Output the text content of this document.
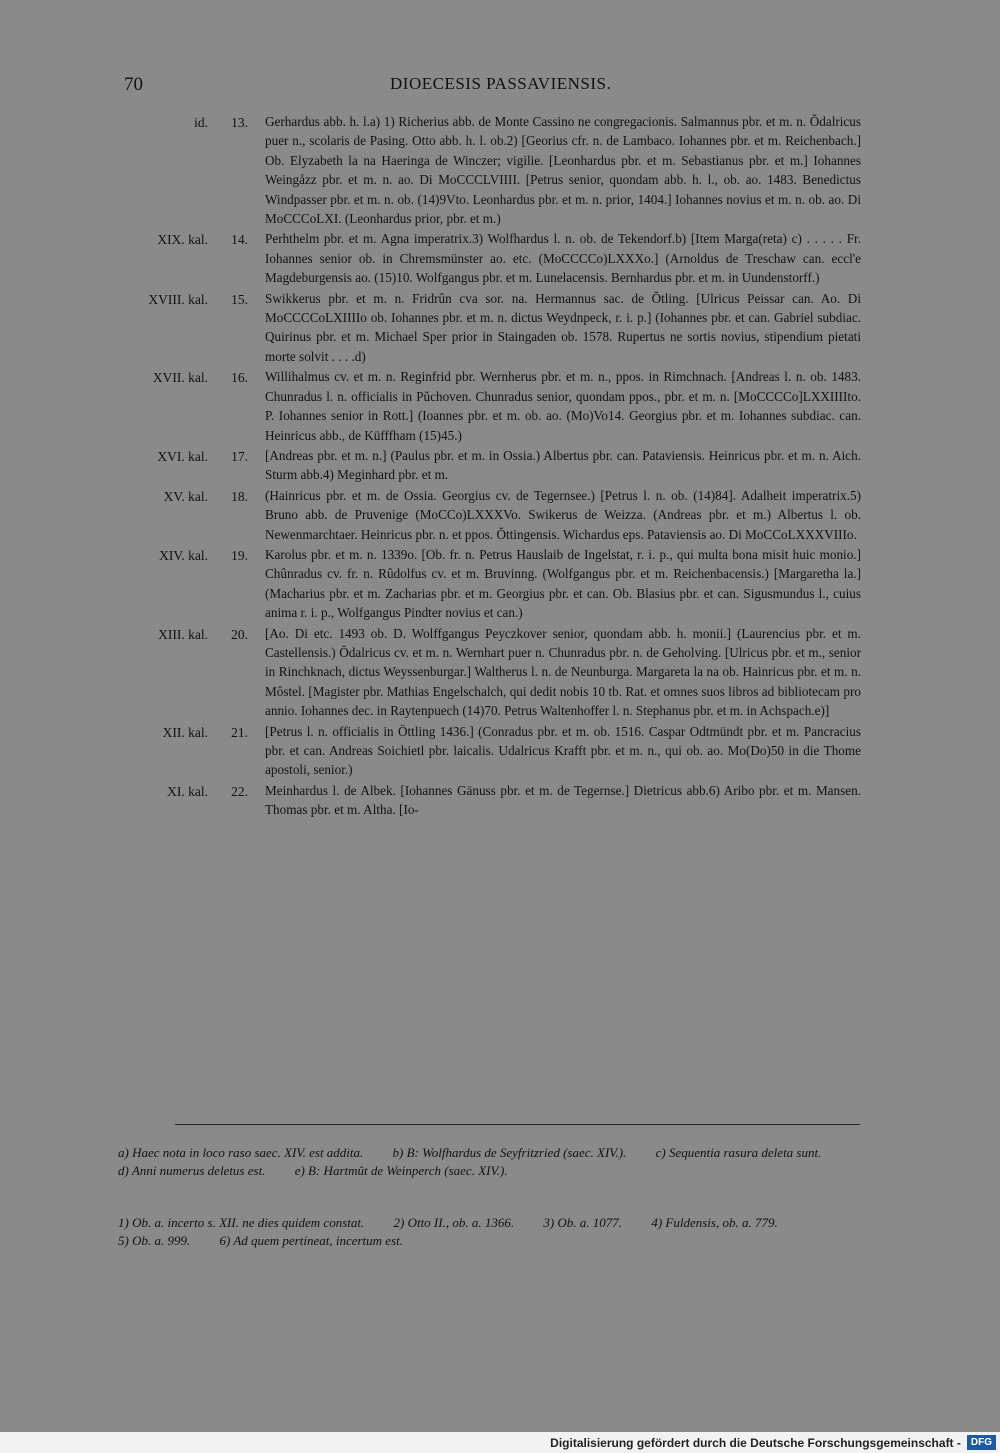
70	DIOECESIS PASSAVIENSIS.
id.	13. Gerhardus abb. h. l.a) 1) Richerius abb. de Monte Cassino ne congregacionis. Salmannus pbr. et m. n. Ŏdalricus puer n., scolaris de Pasing. Otto abb. h. l. ob.2) [Georius cfr. n. de Lambaco. Iohannes pbr. et m. Reichenbach.] Ob. Elyzabeth la na Haeringa de Winczer; vigilie. [Leonhardus pbr. et m. Sebastianus pbr. et m.] Iohannes Weingåzz pbr. et m. n. ao. Di MoCCCLVIIII. [Petrus senior, quondam abb. h. l., ob. ao. 1483. Benedictus Windpasser pbr. et m. n. ob. (14)9Vto. Leonhardus pbr. et m. n. prior, 1404.] Iohannes novius et m. n. ob. ao. Di MoCCCoLXI. (Leonhardus prior, pbr. et m.)
XIX. kal.	14. Perhthelm pbr. et m. Agna imperatrix.3) Wolfhardus l. n. ob. de Tekendorf.b) [Item Marga(reta) c) . . . . . Fr. Iohannes senior ob. in Chremsmünster ao. etc. (MoCCCCo)LXXXo.] (Arnoldus de Treschaw can. eccl'e Magdeburgensis ao. (15)10. Wolfgangus pbr. et m. Lunelacensis. Bernhardus pbr. et m. in Uundenstorff.)
XVIII. kal.	15. Swikkerus pbr. et m. n. Fridrûn cva sor. na. Hermannus sac. de Ŏtling. [Ulricus Peissar can. Ao. Di MoCCCCoLXIIIIo ob. Iohannes pbr. et m. n. dictus Weydnpeck, r. i. p.] (Iohannes pbr. et can. Gabriel subdiac. Quirinus pbr. et m. Michael Sper prior in Staingaden ob. 1578. Rupertus ne sortis novius, stipendium pietati morte solvit . . . .d)
XVII. kal.	16. Willihalmus cv. et m. n. Reginfrid pbr. Wernherus pbr. et m. n., ppos. in Rimchnach. [Andreas l. n. ob. 1483. Chunradus l. n. officialis in Pǔchoven. Chunradus senior, quondam ppos., pbr. et m. n. [MoCCCCo]LXXIIIIto. P. Iohannes senior in Rott.] (Ioannes pbr. et m. ob. ao. (Mo)Vo14. Georgius pbr. et m. Iohannes subdiac. can. Heinricus abb., de Küfffham (15)45.)
XVI. kal.	17. [Andreas pbr. et m. n.] (Paulus pbr. et m. in Ossia.) Albertus pbr. can. Pataviensis. Heinricus pbr. et m. n. Aich. Sturm abb.4) Meginhard pbr. et m.
XV. kal.	18. (Hainricus pbr. et m. de Ossia. Georgius cv. de Tegernsee.) [Petrus l. n. ob. (14)84]. Adalheit imperatrix.5) Bruno abb. de Pruvenige (MoCCo)LXXXVo. Swikerus de Weizza. (Andreas pbr. et m.) Albertus l. ob. Newenmarchtaer. Heinricus pbr. n. et ppos. Ŏttingensis. Wichardus eps. Pataviensis ao. Di MoCCoLXXXVIIIo.
XIV. kal.	19. Karolus pbr. et m. n. 1339o. [Ob. fr. n. Petrus Hauslaib de Ingelstat, r. i. p., qui multa bona misit huic monio.] Chûnradus cv. fr. n. Rûdolfus cv. et m. Bruvinng. (Wolfgangus pbr. et m. Reichenbacensis.) [Margaretha la.] (Macharius pbr. et m. Zacharias pbr. et m. Georgius pbr. et can. Ob. Blasius pbr. et can. Sigusmundus l., cuius anima r. i. p., Wolfgangus Pindter novius et can.)
XIII. kal.	20. [Ao. Di etc. 1493 ob. D. Wolffgangus Peyczkover senior, quondam abb. h. monii.] (Laurencius pbr. et m. Castellensis.) Ŏdalricus cv. et m. n. Wernhart puer n. Chunradus pbr. n. de Geholving. [Ulricus pbr. et m., senior in Rinchknach, dictus Weyssenburgar.] Waltherus l. n. de Neunburga. Margareta la na ob. Hainricus pbr. et m. n. Môstel. [Magister pbr. Mathias Engelschalch, qui dedit nobis 10 tb. Rat. et omnes suos libros ad bibliotecam pro annio. Iohannes dec. in Raytenpuech (14)70. Petrus Waltenhoffer l. n. Stephanus pbr. et m. in Achspach.e)]
XII. kal.	21. [Petrus l. n. officialis in Öttling 1436.] (Conradus pbr. et m. ob. 1516. Caspar Odtmündt pbr. et m. Pancracius pbr. et can. Andreas Soichietl pbr. laicalis. Udalricus Krafft pbr. et m. n., qui ob. ao. Mo(Do)50 in die Thome apostoli, senior.)
XI. kal.	22. Meinhardus l. de Albek. [Iohannes Gänuss pbr. et m. de Tegernse.] Dietricus abb.6) Aribo pbr. et m. Mansen. Thomas pbr. et m. Altha. [Io-
a) Haec nota in loco raso saec. XIV. est addita. b) B: Wolfhardus de Seyfritzried (saec. XIV.). c) Sequentia rasura deleta sunt. d) Anni numerus deletus est. e) B: Hartmût de Weinperch (saec. XIV.).
1) Ob. a. incerto s. XII. ne dies quidem constat. 2) Otto II., ob. a. 1366. 3) Ob. a. 1077. 4) Fuldensis, ob. a. 779. 5) Ob. a. 999. 6) Ad quem pertineat, incertum est.
Digitalisierung gefördert durch die Deutsche Forschungsgemeinschaft -	DFG
